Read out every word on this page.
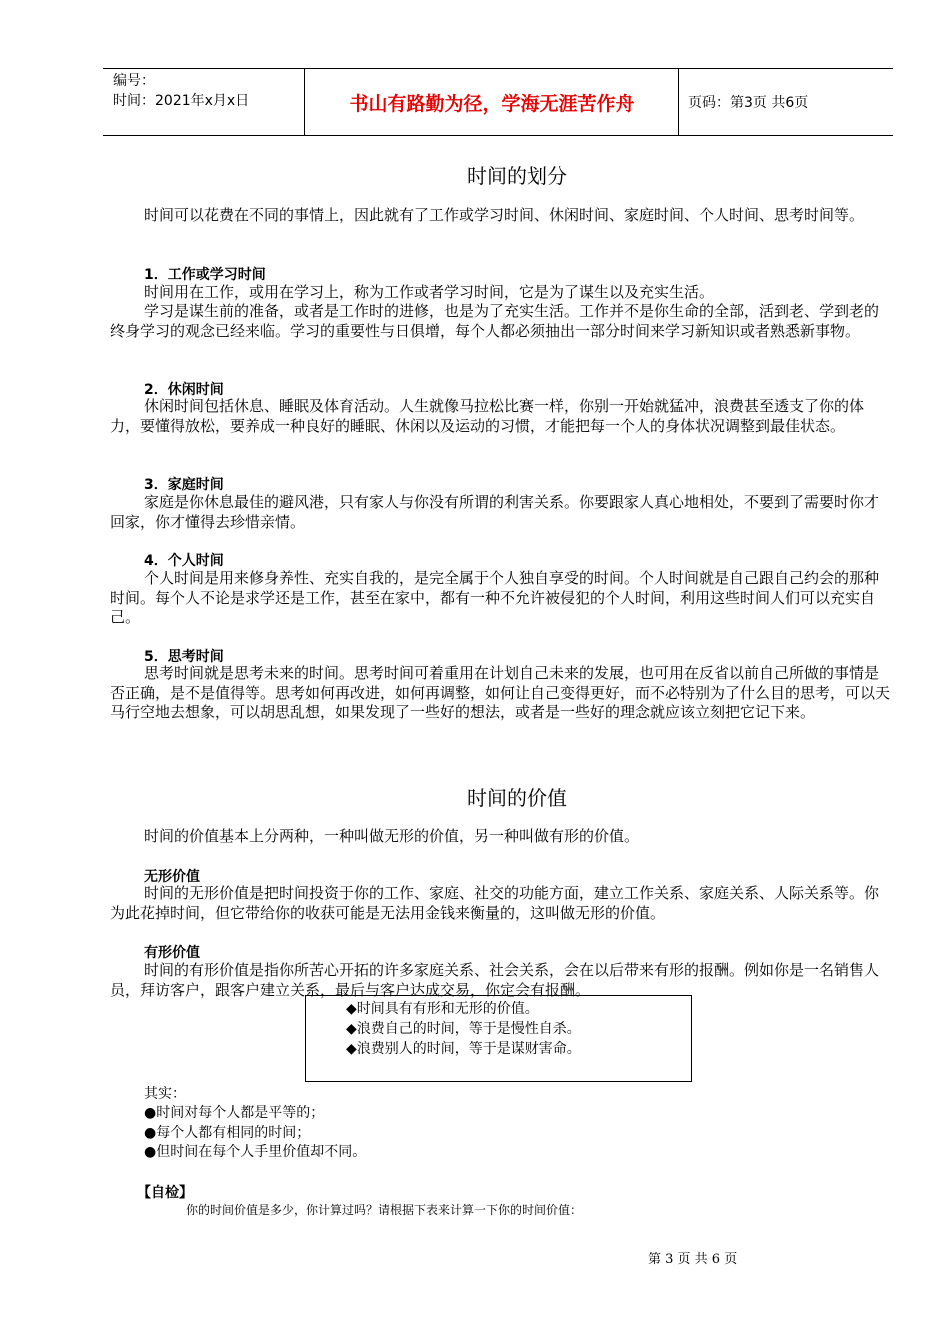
编号：
时间：2021年x月x日	书山有路勤为径，学海无涯苦作舟	页码：第3页 共6页
时间的划分

时间可以花费在不同的事情上，因此就有了工作或学习时间、休闲时间、家庭时间、个人时间、思考时间等。

1．工作或学习时间

时间用在工作，或用在学习上，称为工作或者学习时间，它是为了谋生以及充实生活。

学习是谋生前的准备，或者是工作时的进修，也是为了充实生活。工作并不是你生命的全部，活到老、学到老的终身学习的观念已经来临。学习的重要性与日俱增，每个人都必须抽出一部分时间来学习新知识或者熟悉新事物。

2．休闲时间

休闲时间包括休息、睡眠及体育活动。人生就像马拉松比赛一样，你别一开始就猛冲，浪费甚至透支了你的体力，要懂得放松，要养成一种良好的睡眠、休闲以及运动的习惯，才能把每一个人的身体状况调整到最佳状态。

3．家庭时间

家庭是你休息最佳的避风港，只有家人与你没有所谓的利害关系。你要跟家人真心地相处，不要到了需要时你才回家，你才懂得去珍惜亲情。

4．个人时间

个人时间是用来修身养性、充实自我的，是完全属于个人独自享受的时间。个人时间就是自己跟自己约会的那种时间。每个人不论是求学还是工作，甚至在家中，都有一种不允许被侵犯的个人时间，利用这些时间人们可以充实自己。

5．思考时间

思考时间就是思考未来的时间。思考时间可着重用在计划自己未来的发展，也可用在反省以前自己所做的事情是否正确，是不是值得等。思考如何再改进，如何再调整，如何让自己变得更好，而不必特别为了什么目的思考，可以天马行空地去想象，可以胡思乱想，如果发现了一些好的想法，或者是一些好的理念就应该立刻把它记下来。

时间的价值

时间的价值基本上分两种，一种叫做无形的价值，另一种叫做有形的价值。

无形价值

时间的无形价值是把时间投资于你的工作、家庭、社交的功能方面，建立工作关系、家庭关系、人际关系等。你为此花掉时间，但它带给你的收获可能是无法用金钱来衡量的，这叫做无形的价值。

有形价值

时间的有形价值是指你所苦心开拓的许多家庭关系、社会关系，会在以后带来有形的报酬。例如你是一名销售人员，拜访客户，跟客户建立关系，最后与客户达成交易，你定会有报酬。

◆时间具有有形和无形的价值。
◆浪费自己的时间，等于是慢性自杀。
◆浪费别人的时间，等于是谋财害命。
其实：
●时间对每个人都是平等的；
●每个人都有相同的时间；
●但时间在每个人手里价值却不同。
【自检】
你的时间价值是多少，你计算过吗？请根据下表来计算一下你的时间价值：
第 3 页 共 6 页
